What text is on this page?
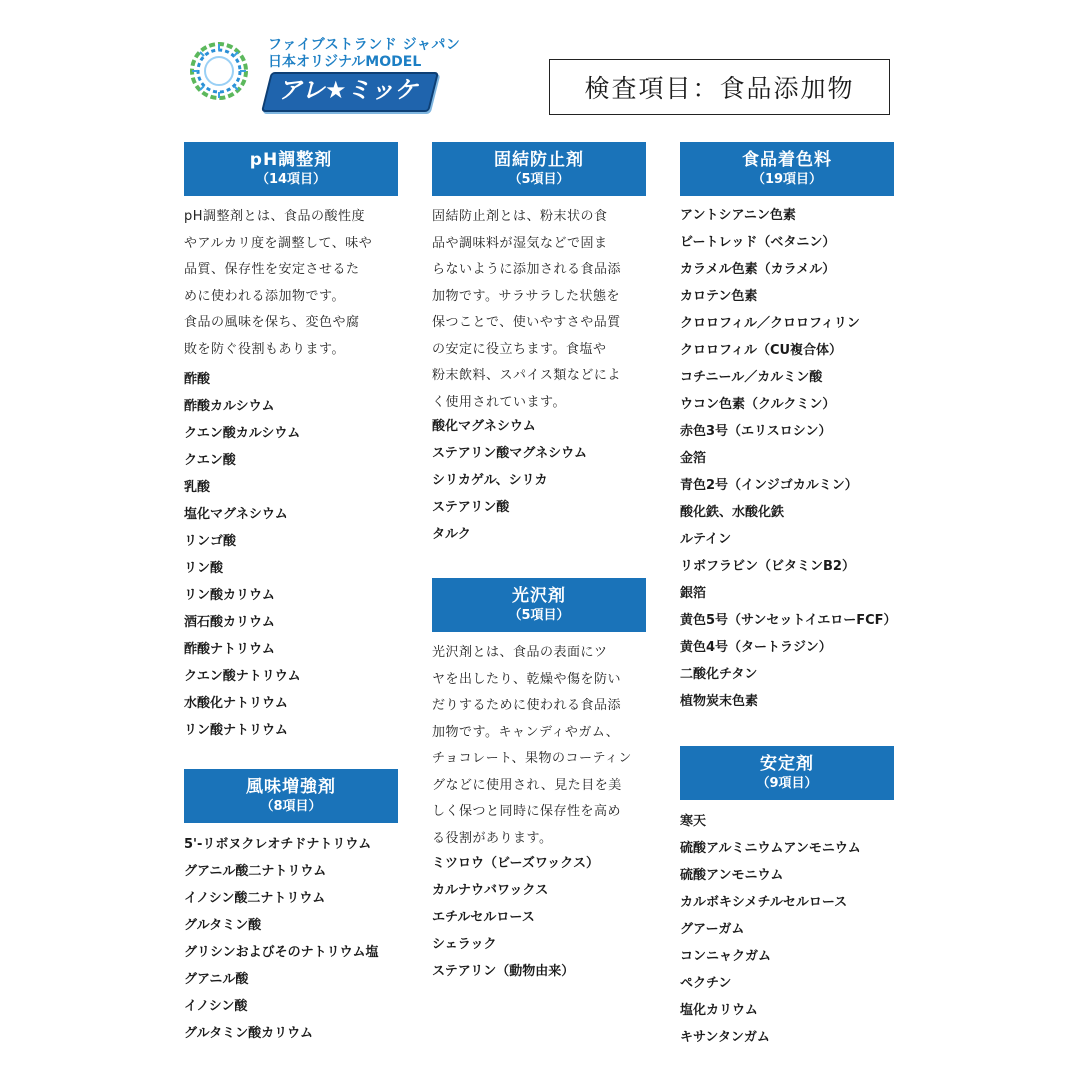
ファイブストランド ジャパン
日本オリジナルMODEL
アレ★ミッケ	検査項目：食品添加物
pH調整剤
（14項目）
pH調整剤とは、食品の酸性度
やアルカリ度を調整して、味や
品質、保存性を安定させるた
めに使われる添加物です。
食品の風味を保ち、変色や腐
敗を防ぐ役割もあります。
酢酸
酢酸カルシウム
クエン酸カルシウム
クエン酸
乳酸
塩化マグネシウム
リンゴ酸
リン酸
リン酸カリウム
酒石酸カリウム
酢酸ナトリウム
クエン酸ナトリウム
水酸化ナトリウム
リン酸ナトリウム
風味増強剤
（8項目）
5'-リボヌクレオチドナトリウム
グアニル酸二ナトリウム
イノシン酸二ナトリウム
グルタミン酸
グリシンおよびそのナトリウム塩
グアニル酸
イノシン酸
グルタミン酸カリウム
固結防止剤
（5項目）
固結防止剤とは、粉末状の食
品や調味料が湿気などで固ま
らないように添加される食品添
加物です。サラサラした状態を
保つことで、使いやすさや品質
の安定に役立ちます。食塩や
粉末飲料、スパイス類などによ
く使用されています。
酸化マグネシウム
ステアリン酸マグネシウム
シリカゲル、シリカ
ステアリン酸
タルク
光沢剤
（5項目）
光沢剤とは、食品の表面にツ
ヤを出したり、乾燥や傷を防い
だりするために使われる食品添
加物です。キャンディやガム、
チョコレート、果物のコーティン
グなどに使用され、見た目を美
しく保つと同時に保存性を高め
る役割があります。
ミツロウ（ビーズワックス）
カルナウバワックス
エチルセルロース
シェラック
ステアリン（動物由来）
食品着色料
（19項目）
アントシアニン色素
ビートレッド（ベタニン）
カラメル色素（カラメル）
カロテン色素
クロロフィル／クロロフィリン
クロロフィル（CU複合体）
コチニール／カルミン酸
ウコン色素（クルクミン）
赤色3号（エリスロシン）
金箔
青色2号（インジゴカルミン）
酸化鉄、水酸化鉄
ルテイン
リボフラビン（ビタミンB2）
銀箔
黄色5号（サンセットイエローFCF）
黄色4号（タートラジン）
二酸化チタン
植物炭末色素
安定剤
（9項目）
寒天
硫酸アルミニウムアンモニウム
硫酸アンモニウム
カルボキシメチルセルロース
グアーガム
コンニャクガム
ペクチン
塩化カリウム
キサンタンガム
